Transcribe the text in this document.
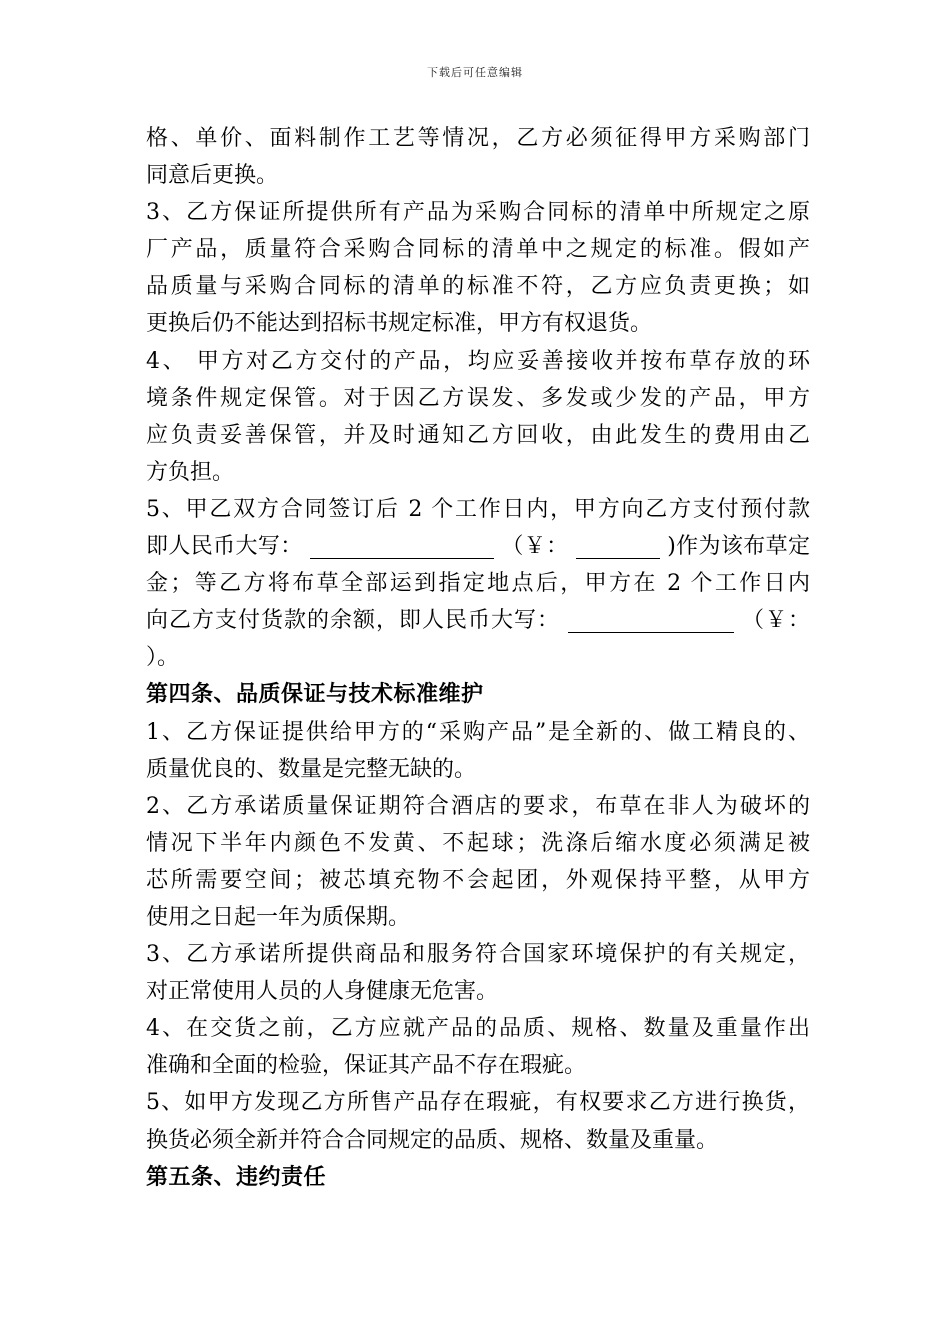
下载后可任意编辑
格、单价、面料制作工艺等情况，乙方必须征得甲方采购部门
同意后更换。
3、乙方保证所提供所有产品为采购合同标的清单中所规定之原
厂产品，质量符合采购合同标的清单中之规定的标准。假如产
品质量与采购合同标的清单的标准不符，乙方应负责更换；如
更换后仍不能达到招标书规定标准，甲方有权退货。
4、 甲方对乙方交付的产品，均应妥善接收并按布草存放的环
境条件规定保管。对于因乙方误发、多发或少发的产品，甲方
应负责妥善保管，并及时通知乙方回收，由此发生的费用由乙
方负担。
5、甲乙双方合同签订后 2 个工作日内，甲方向乙方支付预付款
即人民币大写：	（￥：	)作为该布草定
金；等乙方将布草全部运到指定地点后，甲方在 2 个工作日内
向乙方支付货款的余额，即人民币大写：	（￥：
）。
第四条、品质保证与技术标准维护
1、乙方保证提供给甲方的“采购产品”是全新的、做工精良的、
质量优良的、数量是完整无缺的。
2、乙方承诺质量保证期符合酒店的要求，布草在非人为破坏的
情况下半年内颜色不发黄、不起球；洗涤后缩水度必须满足被
芯所需要空间；被芯填充物不会起团，外观保持平整，从甲方
使用之日起一年为质保期。
3、乙方承诺所提供商品和服务符合国家环境保护的有关规定，
对正常使用人员的人身健康无危害。
4、在交货之前，乙方应就产品的品质、规格、数量及重量作出
准确和全面的检验，保证其产品不存在瑕疵。
5、如甲方发现乙方所售产品存在瑕疵，有权要求乙方进行换货，
换货必须全新并符合合同规定的品质、规格、数量及重量。
第五条、违约责任
